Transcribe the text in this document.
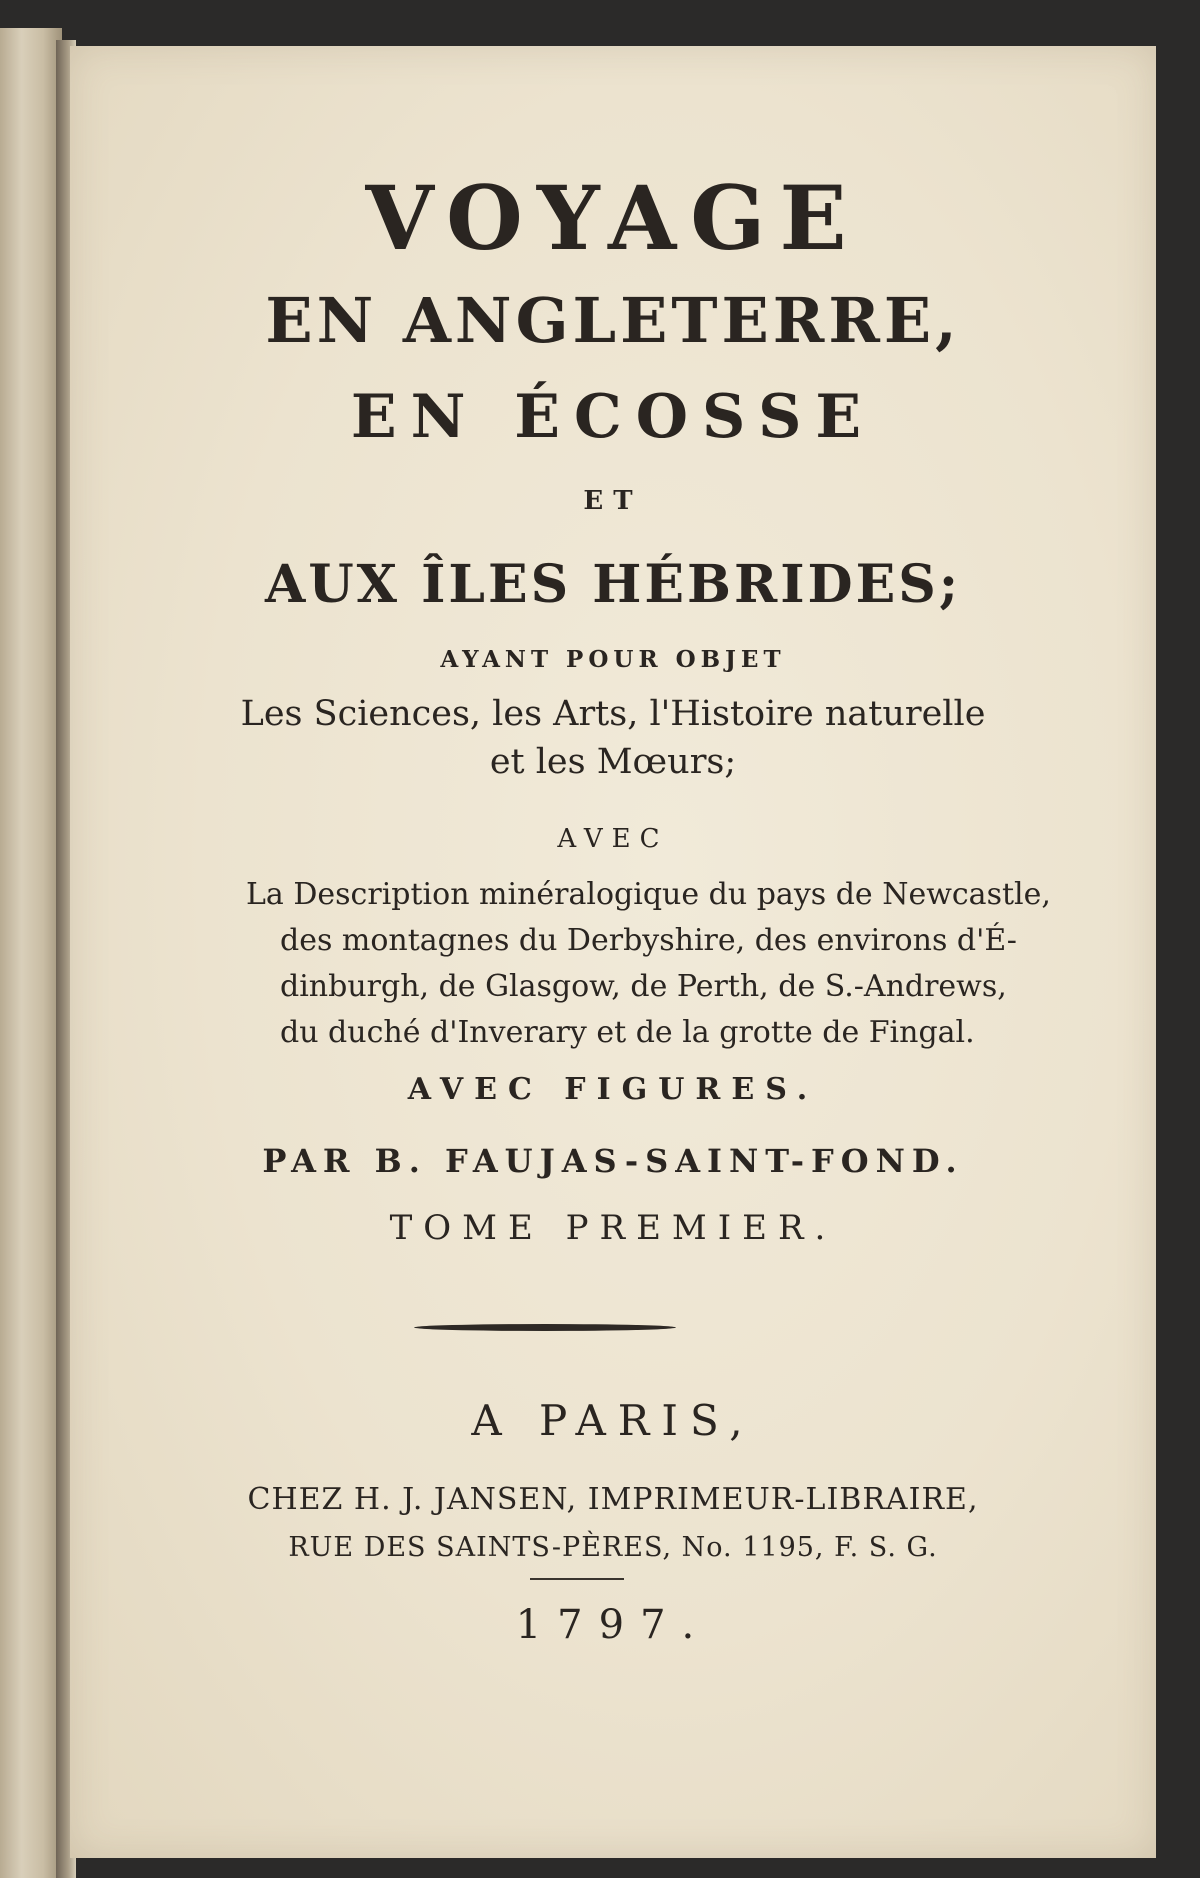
VOYAGE
EN ANGLETERRE,
EN ÉCOSSE
ET
AUX ÎLES HÉBRIDES;
AYANT POUR OBJET
Les Sciences, les Arts, l'Histoire naturelle
et les Mœurs;
AVEC
La Description minéralogique du pays de Newcastle,
des montagnes du Derbyshire, des environs d'É-
dinburgh, de Glasgow, de Perth, de S.-Andrews,
du duché d'Inverary et de la grotte de Fingal.
AVEC FIGURES.
PAR B. FAUJAS-SAINT-FOND.
TOME PREMIER.
A PARIS,
CHEZ H. J. JANSEN, IMPRIMEUR-LIBRAIRE,
RUE DES SAINTS-PÈRES, No. 1195, F. S. G.
1797.
